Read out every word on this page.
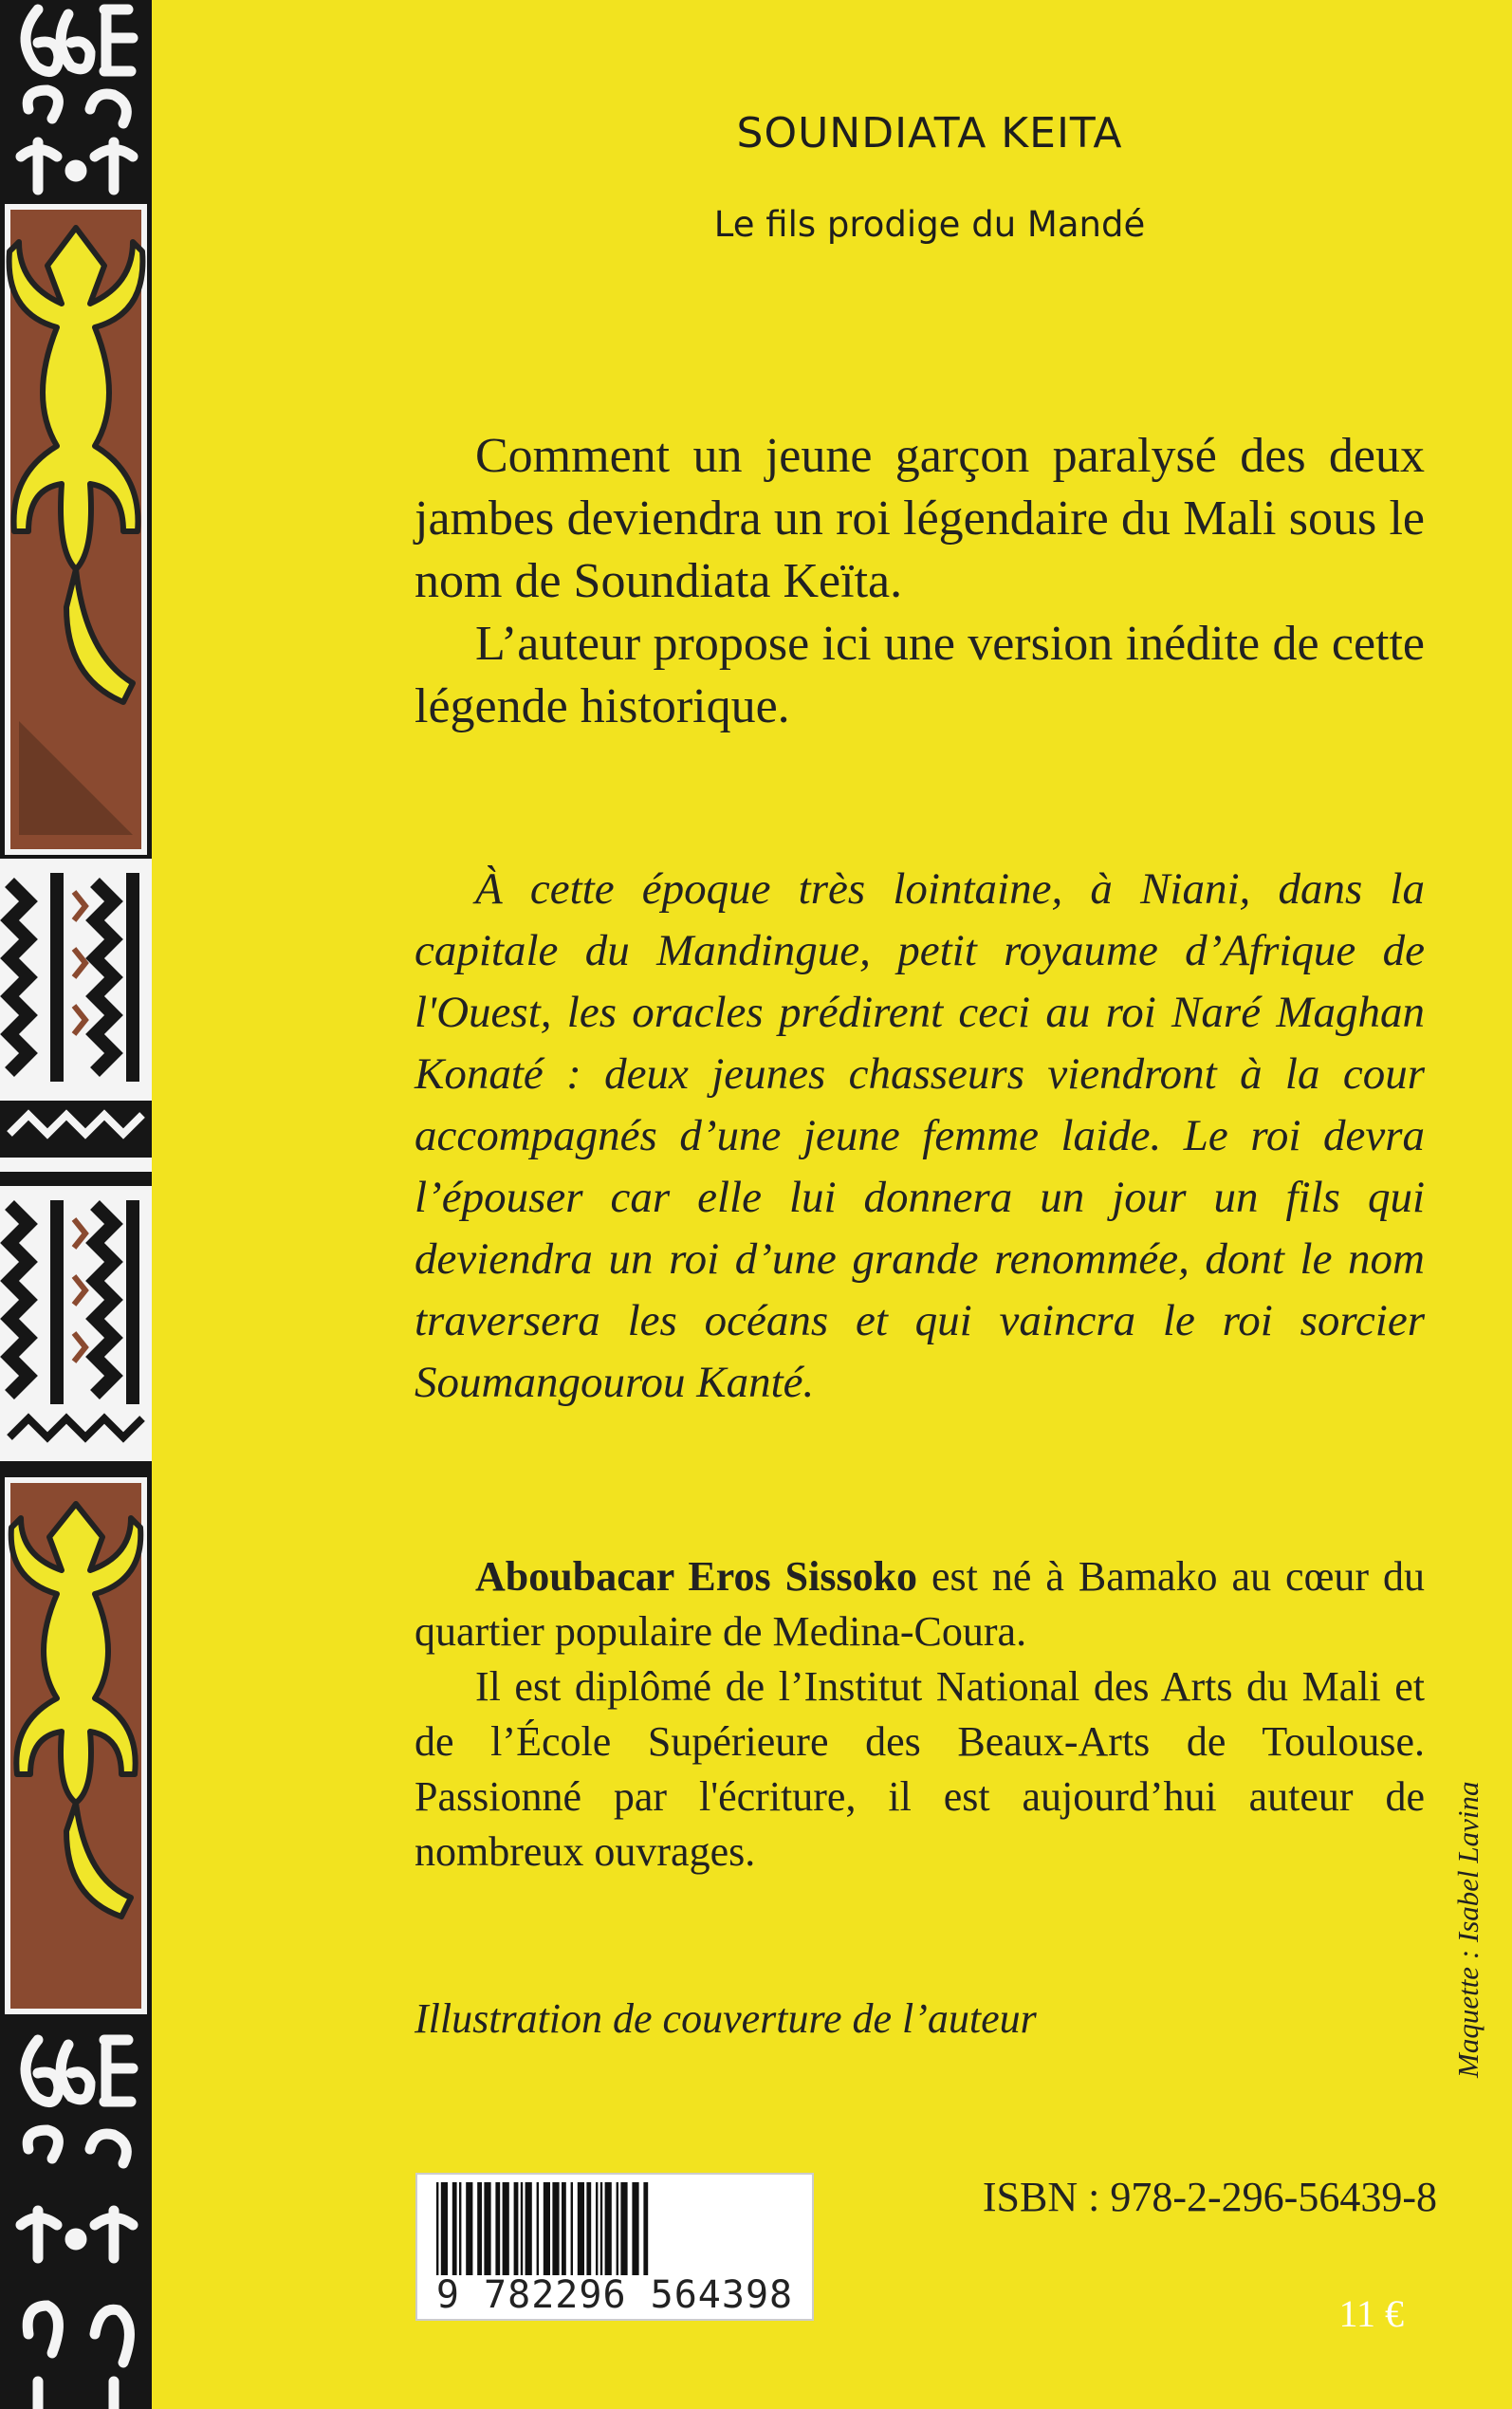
SOUNDIATA KEITA
Le fils prodige du Mandé

Comment un jeune garçon paralysé des deux jambes deviendra un roi légendaire du Mali sous le nom de Soundiata Keïta.

L’auteur propose ici une version inédite de cette légende historique.

À cette époque très lointaine, à Niani, dans la capitale du Mandingue, petit royaume d’Afrique de l'Ouest, les oracles prédirent ceci au roi Naré Maghan Konaté : deux jeunes chasseurs viendront à la cour accompagnés d’une jeune femme laide. Le roi devra l’épouser car elle lui donnera un jour un fils qui deviendra un roi d’une grande renommée, dont le nom traversera les océans et qui vaincra le roi sorcier Soumangourou Kanté.

Aboubacar Eros Sissoko est né à Bamako au cœur du quartier populaire de Medina-Coura.

Il est diplômé de l’Institut National des Arts du Mali et de l’École Supérieure des Beaux-Arts de Toulouse. Passionné par l'écriture, il est aujourd’hui auteur de nombreux ouvrages.

Illustration de couverture de l’auteur	Maquette : Isabel Lavina
9 782296 564398
ISBN : 978-2-296-56439-8
11 €
